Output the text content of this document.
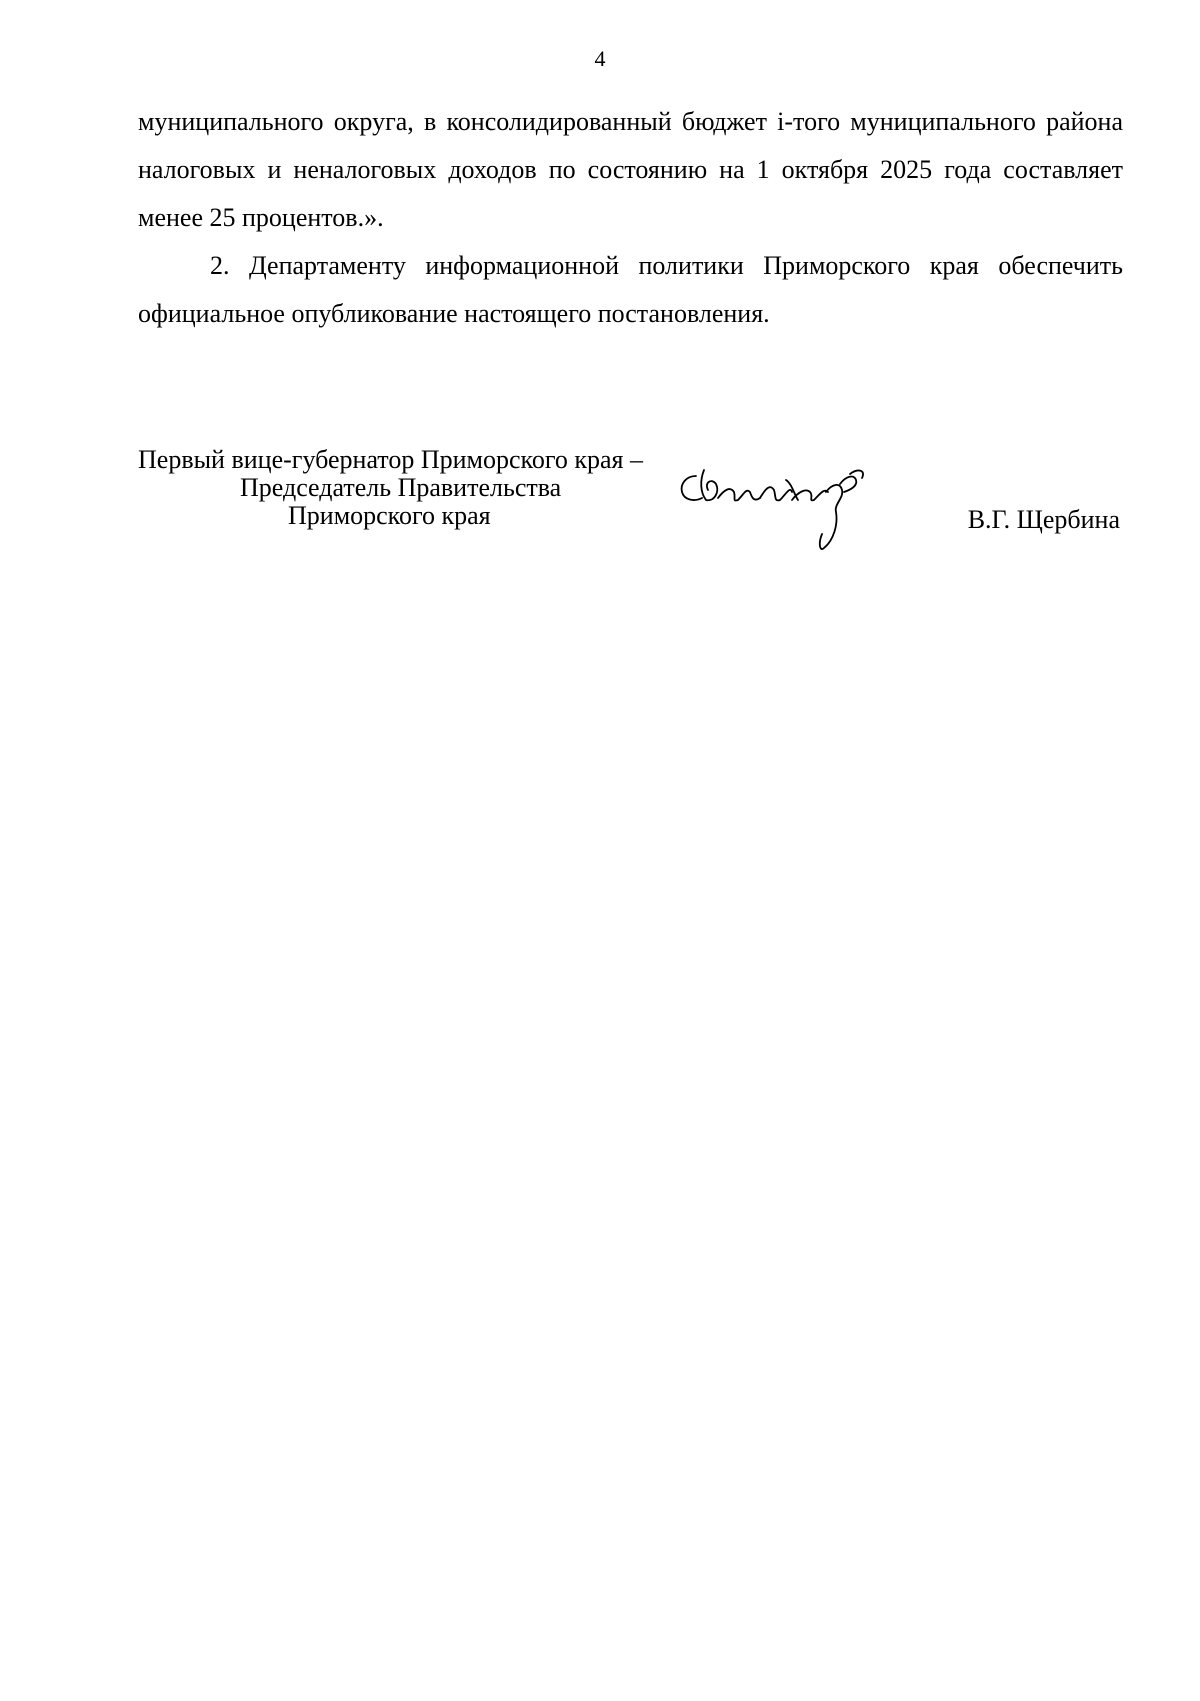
4

муниципального округа, в консолидированный бюджет i-того муниципального района налоговых и неналоговых доходов по состоянию на 1 октября 2025 года составляет менее 25 процентов.».

2. Департаменту информационной политики Приморского края обеспечить официальное опубликование настоящего постановления.

Первый вице-губернатор Приморского края –
Председатель Правительства
Приморского края	В.Г. Щербина
